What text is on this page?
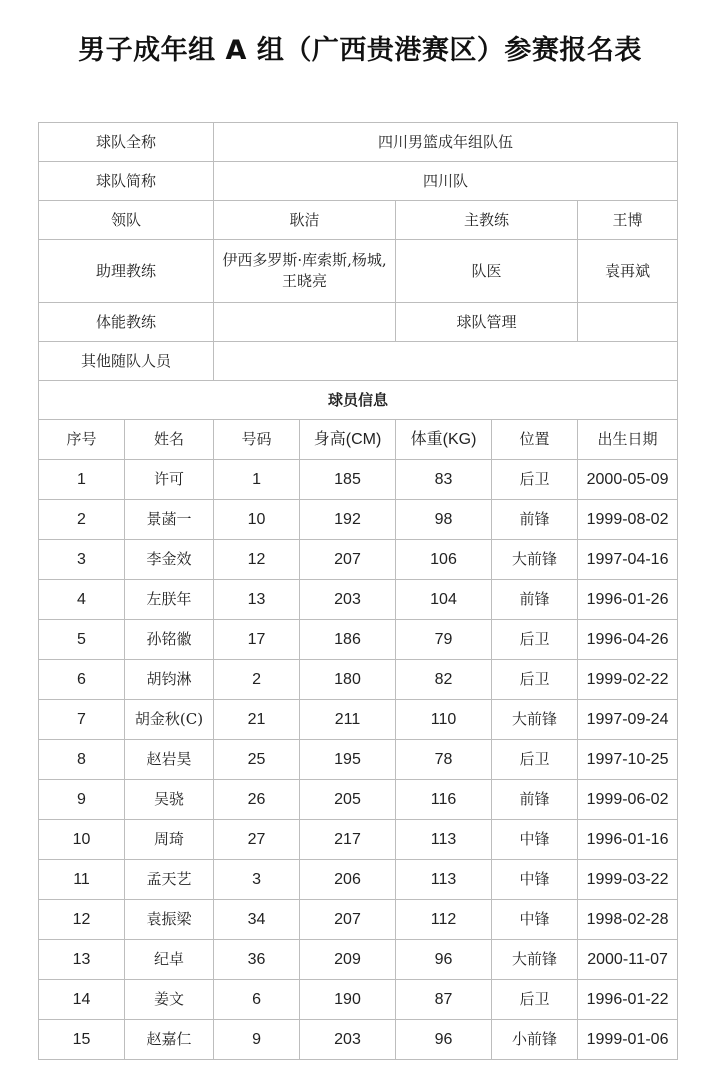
男子成年组 A 组（广西贵港赛区）参赛报名表
球队全称		四川男篮成年组队伍				
球队简称		四川队				
领队		耿洁		主教练		王博
助理教练		伊西多罗斯·库索斯,杨城,王晓亮		队医		袁再斌
体能教练				球队管理		
其他随队人员						
球员信息						
序号	姓名	号码	身高(CM)	体重(KG)	位置	出生日期
1	许可	1	185	83	后卫	2000-05-09
2	景菡一	10	192	98	前锋	1999-08-02
3	李金效	12	207	106	大前锋	1997-04-16
4	左朕年	13	203	104	前锋	1996-01-26
5	孙铭徽	17	186	79	后卫	1996-04-26
6	胡钧淋	2	180	82	后卫	1999-02-22
7	胡金秋(C)	21	211	110	大前锋	1997-09-24
8	赵岩昊	25	195	78	后卫	1997-10-25
9	吴骁	26	205	116	前锋	1999-06-02
10	周琦	27	217	113	中锋	1996-01-16
11	孟天艺	3	206	113	中锋	1999-03-22
12	袁振梁	34	207	112	中锋	1998-02-28
13	纪卓	36	209	96	大前锋	2000-11-07
14	姜文	6	190	87	后卫	1996-01-22
15	赵嘉仁	9	203	96	小前锋	1999-01-06
